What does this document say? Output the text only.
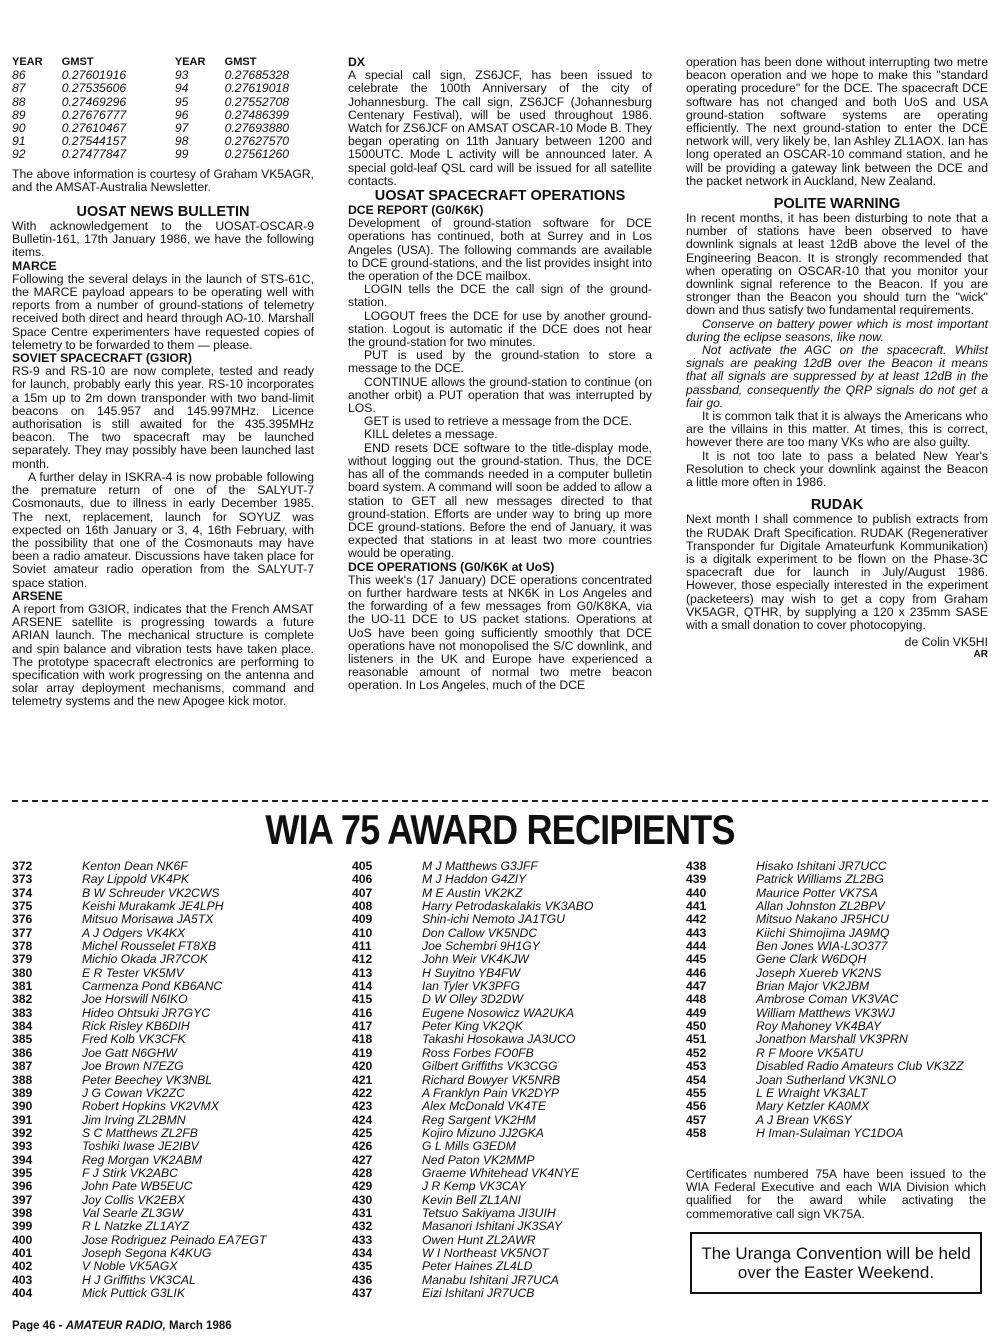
YEAR	GMST		YEAR	GMST
86	0.27601916		93	0.27685328
87	0.27535606		94	0.27619018
88	0.27469296		95	0.27552708
89	0.27676777		96	0.27486399
90	0.27610467		97	0.27693880
91	0.27544157		98	0.27627570
92	0.27477847		99	0.27561260

The above information is courtesy of Graham VK5AGR, and the AMSAT-Australia Newsletter.

UOSAT NEWS BULLETIN

With acknowledgement to the UOSAT-OSCAR-9 Bulletin-161, 17th January 1986, we have the following items.

MARCE

Following the several delays in the launch of STS-61C, the MARCE payload appears to be operating well with reports from a number of ground-stations of telemetry received both direct and heard through AO-10. Marshall Space Centre experimenters have requested copies of telemetry to be forwarded to them — please.

SOVIET SPACECRAFT (G3IOR)

RS-9 and RS-10 are now complete, tested and ready for launch, probably early this year. RS-10 incorporates a 15m up to 2m down transponder with two band-limit beacons on 145.957 and 145.997MHz. Licence authorisation is still awaited for the 435.395MHz beacon. The two spacecraft may be launched separately. They may possibly have been launched last month.

A further delay in ISKRA-4 is now probable following the premature return of one of the SALYUT-7 Cosmonauts, due to illness in early December 1985. The next, replacement, launch for SOYUZ was expected on 16th January or 3, 4, 16th February, with the possibility that one of the Cosmonauts may have been a radio amateur. Discussions have taken place for Soviet amateur radio operation from the SALYUT-7 space station.

ARSENE

A report from G3IOR, indicates that the French AMSAT ARSENE satellite is progressing towards a future ARIAN launch. The mechanical structure is complete and spin balance and vibration tests have taken place. The prototype spacecraft electronics are performing to specification with work progressing on the antenna and solar array deployment mechanisms, command and telemetry systems and the new Apogee kick motor.

DX

A special call sign, ZS6JCF, has been issued to celebrate the 100th Anniversary of the city of Johannesburg. The call sign, ZS6JCF (Johannesburg Centenary Festival), will be used throughout 1986. Watch for ZS6JCF on AMSAT OSCAR-10 Mode B. They began operating on 11th January between 1200 and 1500UTC. Mode L activity will be announced later. A special gold-leaf QSL card will be issued for all satellite contacts.

UOSAT SPACECRAFT OPERATIONS

DCE REPORT (G0/K6K)

Development of ground-station software for DCE operations has continued, both at Surrey and in Los Angeles (USA). The following commands are available to DCE ground-stations, and the list provides insight into the operation of the DCE mailbox.

LOGIN tells the DCE the call sign of the ground-station.

LOGOUT frees the DCE for use by another ground-station. Logout is automatic if the DCE does not hear the ground-station for two minutes.

PUT is used by the ground-station to store a message to the DCE.

CONTINUE allows the ground-station to continue (on another orbit) a PUT operation that was interrupted by LOS.

GET is used to retrieve a message from the DCE.

KILL deletes a message.

END resets DCE software to the title-display mode, without logging out the ground-station. Thus, the DCE has all of the commands needed in a computer bulletin board system. A command will soon be added to allow a station to GET all new messages directed to that ground-station. Efforts are under way to bring up more DCE ground-stations. Before the end of January, it was expected that stations in at least two more countries would be operating.

DCE OPERATIONS (G0/K6K at UoS)

This week's (17 January) DCE operations concentrated on further hardware tests at NK6K in Los Angeles and the forwarding of a few messages from G0/K8KA, via the UO-11 DCE to US packet stations. Operations at UoS have been going sufficiently smoothly that DCE operations have not monopolised the S/C downlink, and listeners in the UK and Europe have experienced a reasonable amount of normal two metre beacon operation. In Los Angeles, much of the DCE

operation has been done without interrupting two metre beacon operation and we hope to make this "standard operating procedure" for the DCE. The spacecraft DCE software has not changed and both UoS and USA ground-station software systems are operating efficiently. The next ground-station to enter the DCE network will, very likely be, Ian Ashley ZL1AOX. Ian has long operated an OSCAR-10 command station, and he will be providing a gateway link between the DCE and the packet network in Auckland, New Zealand.

POLITE WARNING

In recent months, it has been disturbing to note that a number of stations have been observed to have downlink signals at least 12dB above the level of the Engineering Beacon. It is strongly recommended that when operating on OSCAR-10 that you monitor your downlink signal reference to the Beacon. If you are stronger than the Beacon you should turn the "wick" down and thus satisfy two fundamental requirements.

Conserve on battery power which is most important during the eclipse seasons, like now.

Not activate the AGC on the spacecraft. Whilst signals are peaking 12dB over the Beacon it means that all signals are suppressed by at least 12dB in the passband, consequently the QRP signals do not get a fair go.

It is common talk that it is always the Americans who are the villains in this matter. At times, this is correct, however there are too many VKs who are also guilty.

It is not too late to pass a belated New Year's Resolution to check your downlink against the Beacon a little more often in 1986.

RUDAK

Next month I shall commence to publish extracts from the RUDAK Draft Specification. RUDAK (Regenerativer Transponder fur Digitale Amateurfunk Kommunikation) is a digitalk experiment to be flown on the Phase-3C spacecraft due for launch in July/August 1986. However, those especially interested in the experiment (packeteers) may wish to get a copy from Graham VK5AGR, QTHR, by supplying a 120 x 235mm SASE with a small donation to cover photocopying.

de Colin VK5HI

AR

WIA 75 AWARD RECIPIENTS
372	Kenton Dean NK6F
373	Ray Lippold VK4PK
374	B W Schreuder VK2CWS
375	Keishi Murakamk JE4LPH
376	Mitsuo Morisawa JA5TX
377	A J Odgers VK4KX
378	Michel Rousselet FT8XB
379	Michio Okada JR7COK
380	E R Tester VK5MV
381	Carmenza Pond KB6ANC
382	Joe Horswill N6IKO
383	Hideo Ohtsuki JR7GYC
384	Rick Risley KB6DIH
385	Fred Kolb VK3CFK
386	Joe Gatt N6GHW
387	Joe Brown N7EZG
388	Peter Beechey VK3NBL
389	J G Cowan VK2ZC
390	Robert Hopkins VK2VMX
391	Jim Irving ZL2BMN
392	S C Matthews ZL2FB
393	Toshiki Iwase JE2IBV
394	Reg Morgan VK2ABM
395	F J Stirk VK2ABC
396	John Pate WB5EUC
397	Joy Collis VK2EBX
398	Val Searle ZL3GW
399	R L Natzke ZL1AYZ
400	Jose Rodriguez Peinado EA7EGT
401	Joseph Segona K4KUG
402	V Noble VK5AGX
403	H J Griffiths VK3CAL
404	Mick Puttick G3LIK
405	M J Matthews G3JFF
406	M J Haddon G4ZIY
407	M E Austin VK2KZ
408	Harry Petrodaskalakis VK3ABO
409	Shin-ichi Nemoto JA1TGU
410	Don Callow VK5NDC
411	Joe Schembri 9H1GY
412	John Weir VK4KJW
413	H Suyitno YB4FW
414	Ian Tyler VK3PFG
415	D W Olley 3D2DW
416	Eugene Nosowicz WA2UKA
417	Peter King VK2QK
418	Takashi Hosokawa JA3UCO
419	Ross Forbes FO0FB
420	Gilbert Griffiths VK3CGG
421	Richard Bowyer VK5NRB
422	A Franklyn Pain VK2DYP
423	Alex McDonald VK4TE
424	Reg Sargent VK2HM
425	Kojiro Mizuno JJ2GKA
426	G L Mills G3EDM
427	Ned Paton VK2MMP
428	Graeme Whitehead VK4NYE
429	J R Kemp VK3CAY
430	Kevin Bell ZL1ANI
431	Tetsuo Sakiyama JI3UIH
432	Masanori Ishitani JK3SAY
433	Owen Hunt ZL2AWR
434	W I Northeast VK5NOT
435	Peter Haines ZL4LD
436	Manabu Ishitani JR7UCA
437	Eizi Ishitani JR7UCB
438	Hisako Ishitani JR7UCC
439	Patrick Williams ZL2BG
440	Maurice Potter VK7SA
441	Allan Johnston ZL2BPV
442	Mitsuo Nakano JR5HCU
443	Kiichi Shimojima JA9MQ
444	Ben Jones WIA-L3O377
445	Gene Clark W6DQH
446	Joseph Xuereb VK2NS
447	Brian Major VK2JBM
448	Ambrose Coman VK3VAC
449	William Matthews VK3WJ
450	Roy Mahoney VK4BAY
451	Jonathon Marshall VK3PRN
452	R F Moore VK5ATU
453	Disabled Radio Amateurs Club VK3ZZ
454	Joan Sutherland VK3NLO
455	L E Wraight VK3ALT
456	Mary Ketzler KA0MX
457	A J Brean VK6SY
458	H Iman-Sulaiman YC1DOA

Certificates numbered 75A have been issued to the WIA Federal Executive and each WIA Division which qualified for the award while activating the commemorative call sign VK75A.

The Uranga Convention will be held over the Easter Weekend.
Page 46 - AMATEUR RADIO, March 1986
